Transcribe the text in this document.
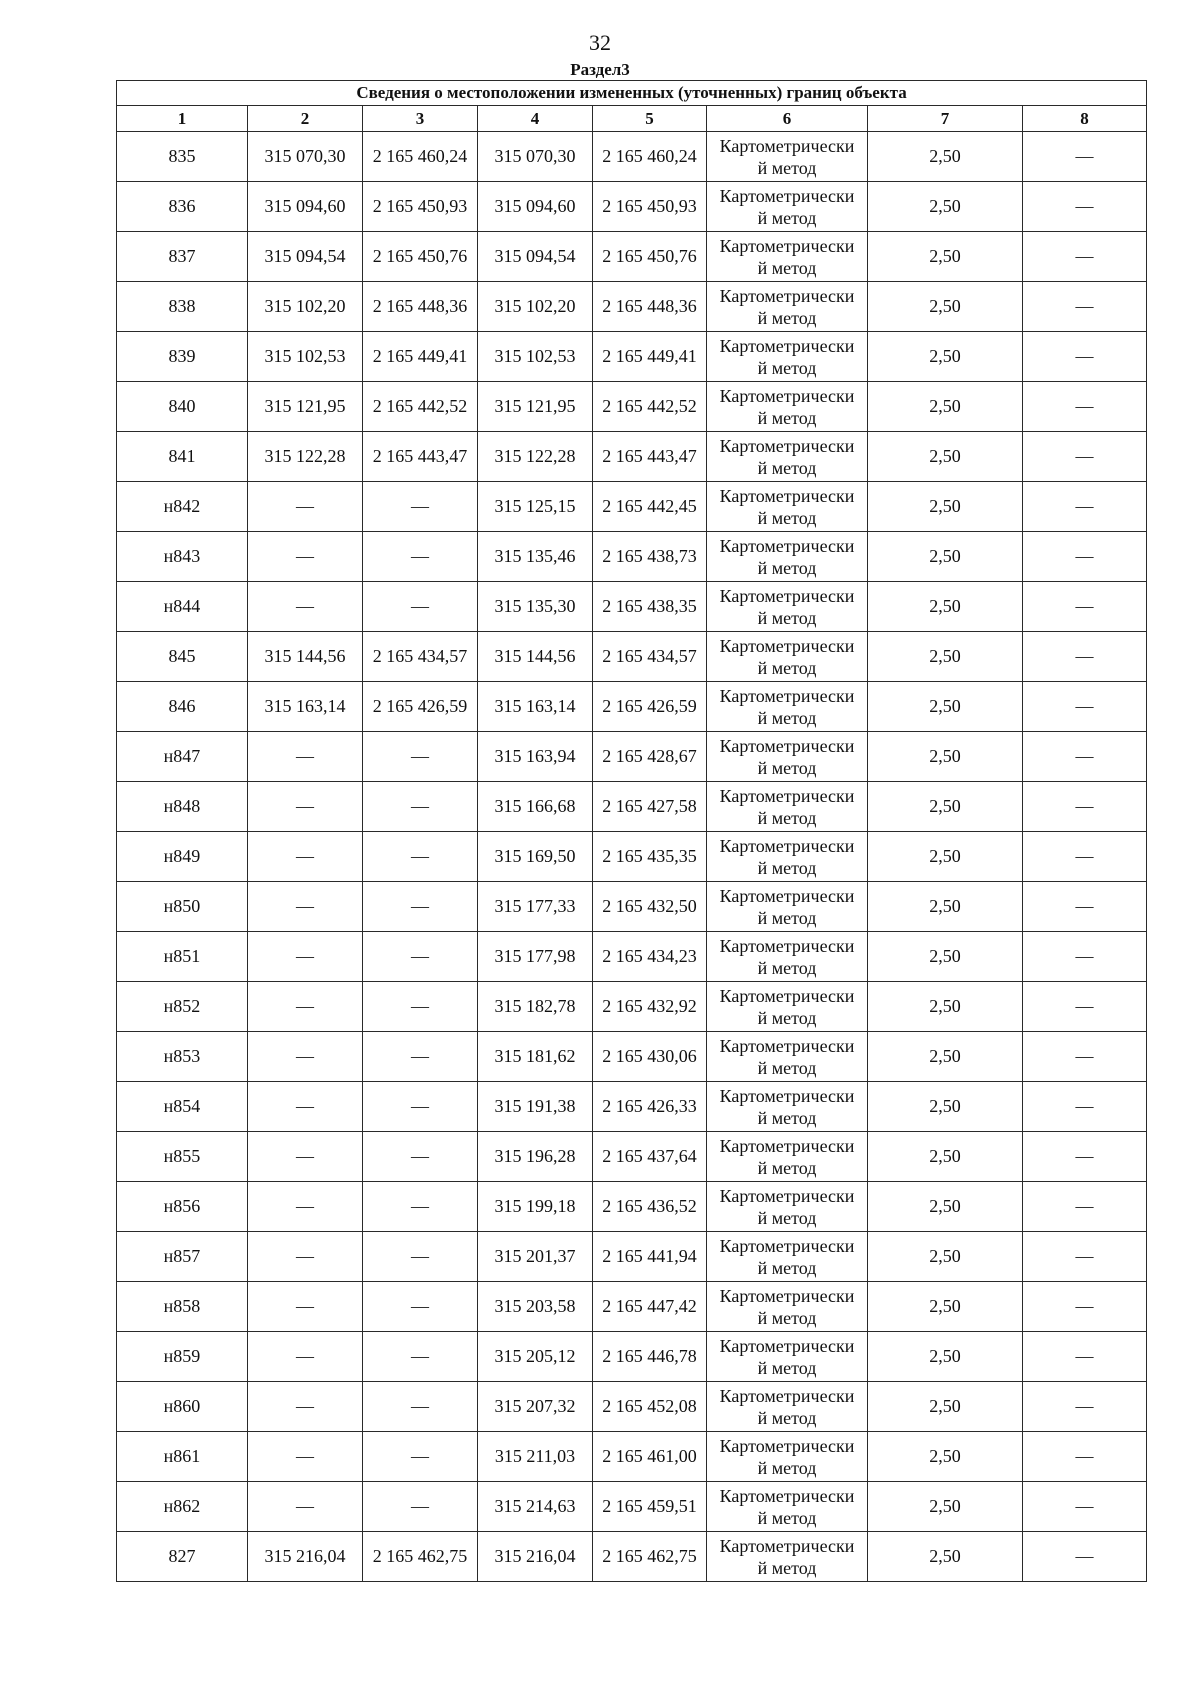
32
Раздел3
Сведения о местоположении измененных (уточненных) границ объекта							
1	2	3	4	5	6	7	8
835	315 070,30	2 165 460,24	315 070,30	2 165 460,24	Картометрически
й метод	2,50	—
836	315 094,60	2 165 450,93	315 094,60	2 165 450,93	Картометрически
й метод	2,50	—
837	315 094,54	2 165 450,76	315 094,54	2 165 450,76	Картометрически
й метод	2,50	—
838	315 102,20	2 165 448,36	315 102,20	2 165 448,36	Картометрически
й метод	2,50	—
839	315 102,53	2 165 449,41	315 102,53	2 165 449,41	Картометрически
й метод	2,50	—
840	315 121,95	2 165 442,52	315 121,95	2 165 442,52	Картометрически
й метод	2,50	—
841	315 122,28	2 165 443,47	315 122,28	2 165 443,47	Картометрически
й метод	2,50	—
н842	—	—	315 125,15	2 165 442,45	Картометрически
й метод	2,50	—
н843	—	—	315 135,46	2 165 438,73	Картометрически
й метод	2,50	—
н844	—	—	315 135,30	2 165 438,35	Картометрически
й метод	2,50	—
845	315 144,56	2 165 434,57	315 144,56	2 165 434,57	Картометрически
й метод	2,50	—
846	315 163,14	2 165 426,59	315 163,14	2 165 426,59	Картометрически
й метод	2,50	—
н847	—	—	315 163,94	2 165 428,67	Картометрически
й метод	2,50	—
н848	—	—	315 166,68	2 165 427,58	Картометрически
й метод	2,50	—
н849	—	—	315 169,50	2 165 435,35	Картометрически
й метод	2,50	—
н850	—	—	315 177,33	2 165 432,50	Картометрически
й метод	2,50	—
н851	—	—	315 177,98	2 165 434,23	Картометрически
й метод	2,50	—
н852	—	—	315 182,78	2 165 432,92	Картометрически
й метод	2,50	—
н853	—	—	315 181,62	2 165 430,06	Картометрически
й метод	2,50	—
н854	—	—	315 191,38	2 165 426,33	Картометрически
й метод	2,50	—
н855	—	—	315 196,28	2 165 437,64	Картометрически
й метод	2,50	—
н856	—	—	315 199,18	2 165 436,52	Картометрически
й метод	2,50	—
н857	—	—	315 201,37	2 165 441,94	Картометрически
й метод	2,50	—
н858	—	—	315 203,58	2 165 447,42	Картометрически
й метод	2,50	—
н859	—	—	315 205,12	2 165 446,78	Картометрически
й метод	2,50	—
н860	—	—	315 207,32	2 165 452,08	Картометрически
й метод	2,50	—
н861	—	—	315 211,03	2 165 461,00	Картометрически
й метод	2,50	—
н862	—	—	315 214,63	2 165 459,51	Картометрически
й метод	2,50	—
827	315 216,04	2 165 462,75	315 216,04	2 165 462,75	Картометрически
й метод	2,50	—
